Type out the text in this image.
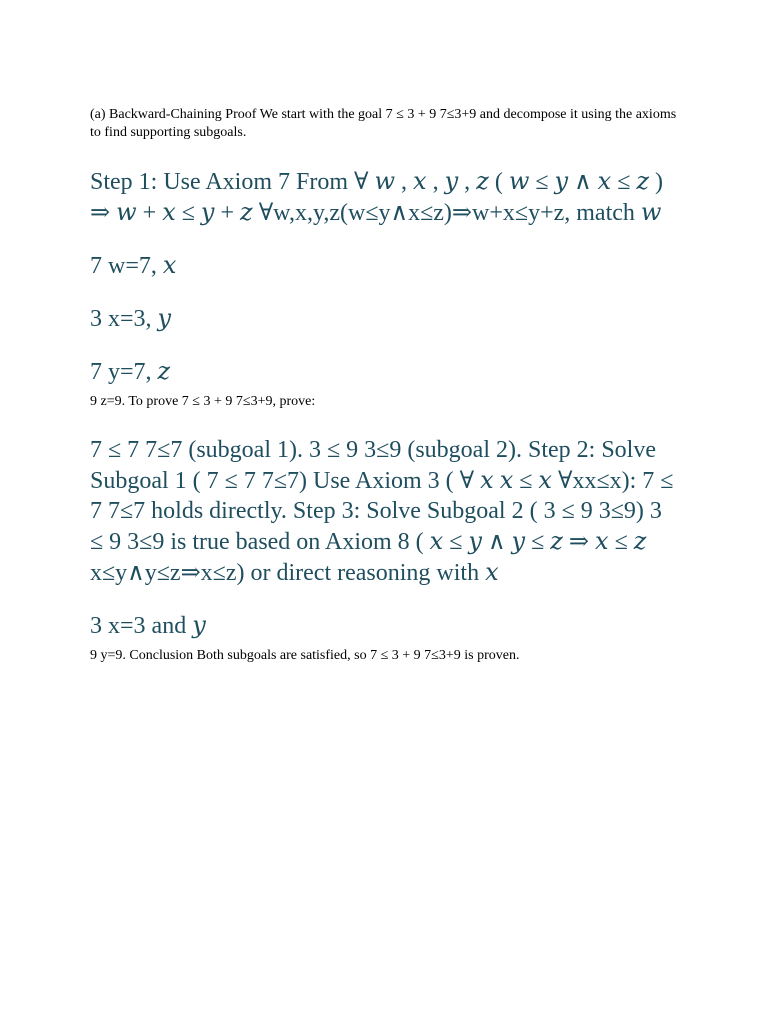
(a) Backward-Chaining Proof We start with the goal 7 ≤ 3 + 9 7≤3+9 and decompose it using the axioms to find supporting subgoals.

Step 1: Use Axiom 7 From ∀ w , x , y , z ( w ≤ y ∧ x ≤ z ) ⇒ w + x ≤ y + z ∀w,x,y,z(w≤y∧x≤z)⇒w+x≤y+z, match w

7 w=7, x

3 x=3, y

7 y=7, z

9 z=9. To prove 7 ≤ 3 + 9 7≤3+9, prove:

7 ≤ 7 7≤7 (subgoal 1). 3 ≤ 9 3≤9 (subgoal 2). Step 2: Solve Subgoal 1 ( 7 ≤ 7 7≤7) Use Axiom 3 ( ∀ x x ≤ x ∀xx≤x): 7 ≤ 7 7≤7 holds directly. Step 3: Solve Subgoal 2 ( 3 ≤ 9 3≤9) 3 ≤ 9 3≤9 is true based on Axiom 8 ( x ≤ y ∧ y ≤ z ⇒ x ≤ z x≤y∧y≤z⇒x≤z) or direct reasoning with x

3 x=3 and y

9 y=9. Conclusion Both subgoals are satisfied, so 7 ≤ 3 + 9 7≤3+9 is proven.
